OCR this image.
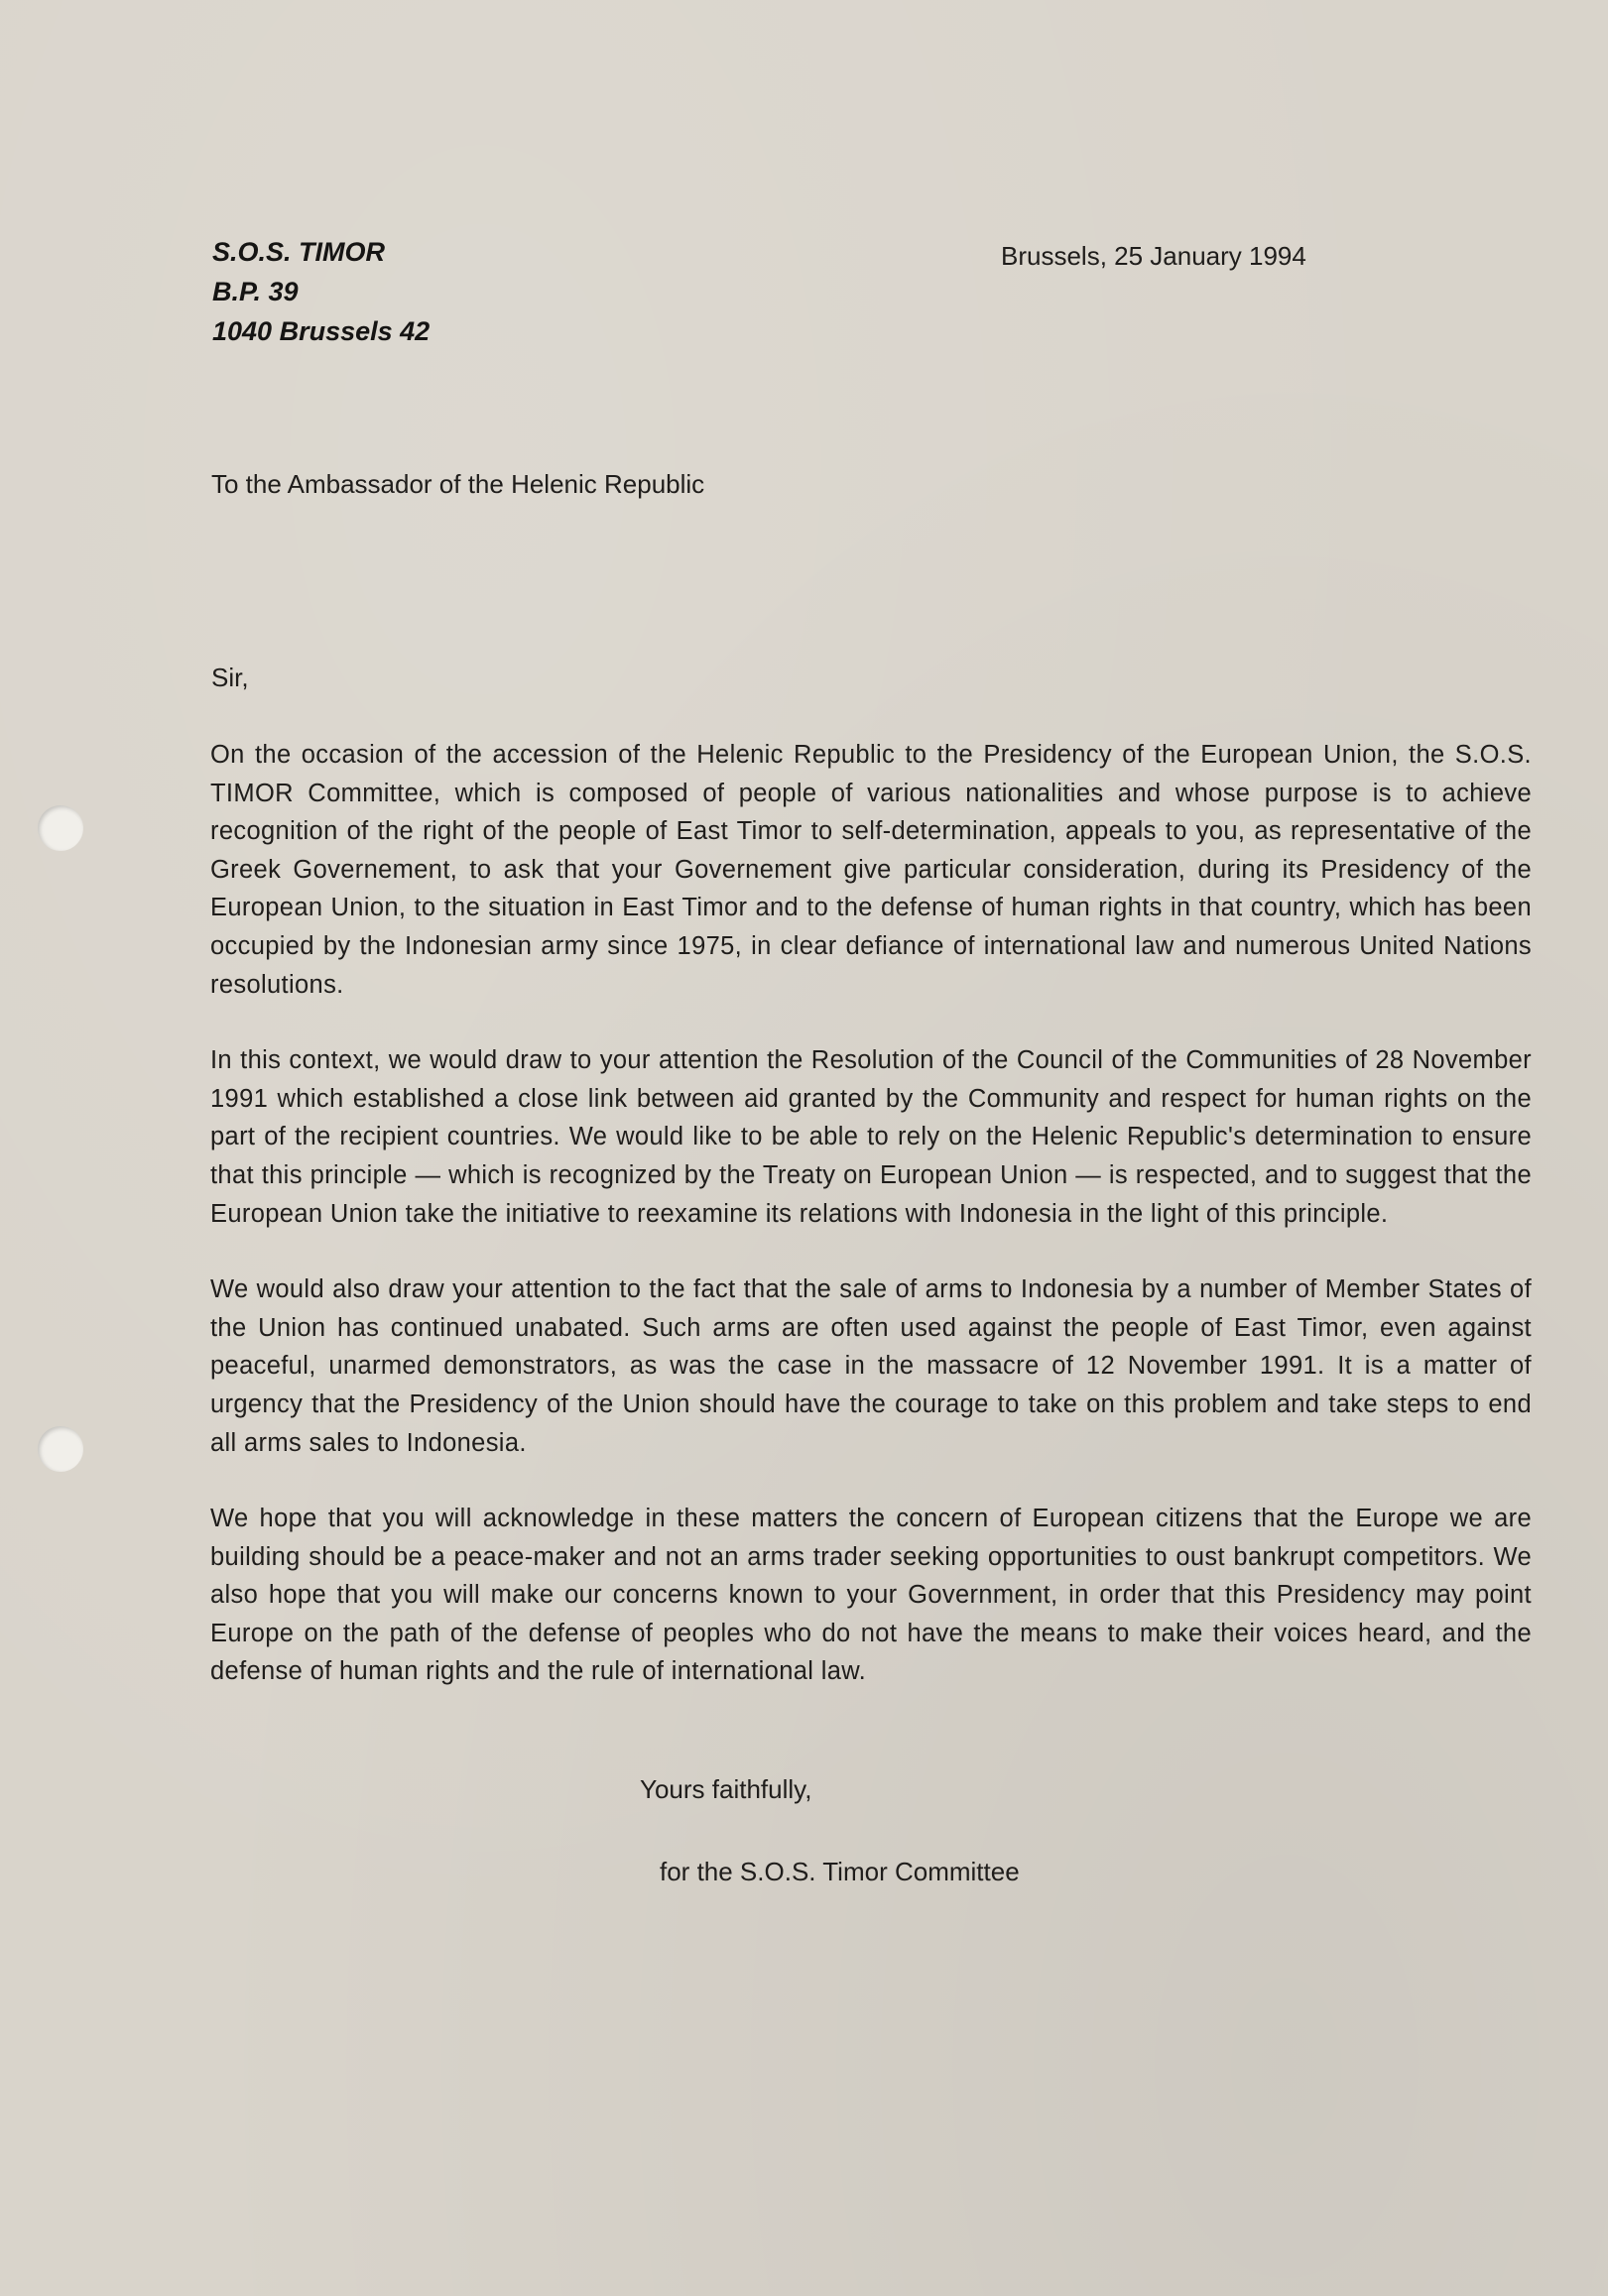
S.O.S. TIMOR
B.P. 39
1040 Brussels 42
Brussels, 25 January 1994
To the Ambassador of the Helenic Republic
Sir,

On the occasion of the accession of the Helenic Republic to the Presidency of the European Union, the S.O.S. TIMOR Committee, which is composed of people of various nationalities and whose purpose is to achieve recognition of the right of the people of East Timor to self-determination, appeals to you, as representative of the Greek Governement, to ask that your Governement give particular consideration, during its Presidency of the European Union, to the situation in East Timor and to the defense of human rights in that country, which has been occupied by the Indonesian army since 1975, in clear defiance of international law and numerous United Nations resolutions.

In this context, we would draw to your attention the Resolution of the Council of the Communities of 28 November 1991 which established a close link between aid granted by the Community and respect for human rights on the part of the recipient countries. We would like to be able to rely on the Helenic Republic's determination to ensure that this principle — which is recognized by the Treaty on European Union — is respected, and to suggest that the European Union take the initiative to reexamine its relations with Indonesia in the light of this principle.

We would also draw your attention to the fact that the sale of arms to Indonesia by a number of Member States of the Union has continued unabated. Such arms are often used against the people of East Timor, even against peaceful, unarmed demonstrators, as was the case in the massacre of 12 November 1991. It is a matter of urgency that the Presidency of the Union should have the courage to take on this problem and take steps to end all arms sales to Indonesia.

We hope that you will acknowledge in these matters the concern of European citizens that the Europe we are building should be a peace-maker and not an arms trader seeking opportunities to oust bankrupt competitors. We also hope that you will make our concerns known to your Government, in order that this Presidency may point Europe on the path of the defense of peoples who do not have the means to make their voices heard, and the defense of human rights and the rule of international law.

Yours faithfully,
for the S.O.S. Timor Committee
